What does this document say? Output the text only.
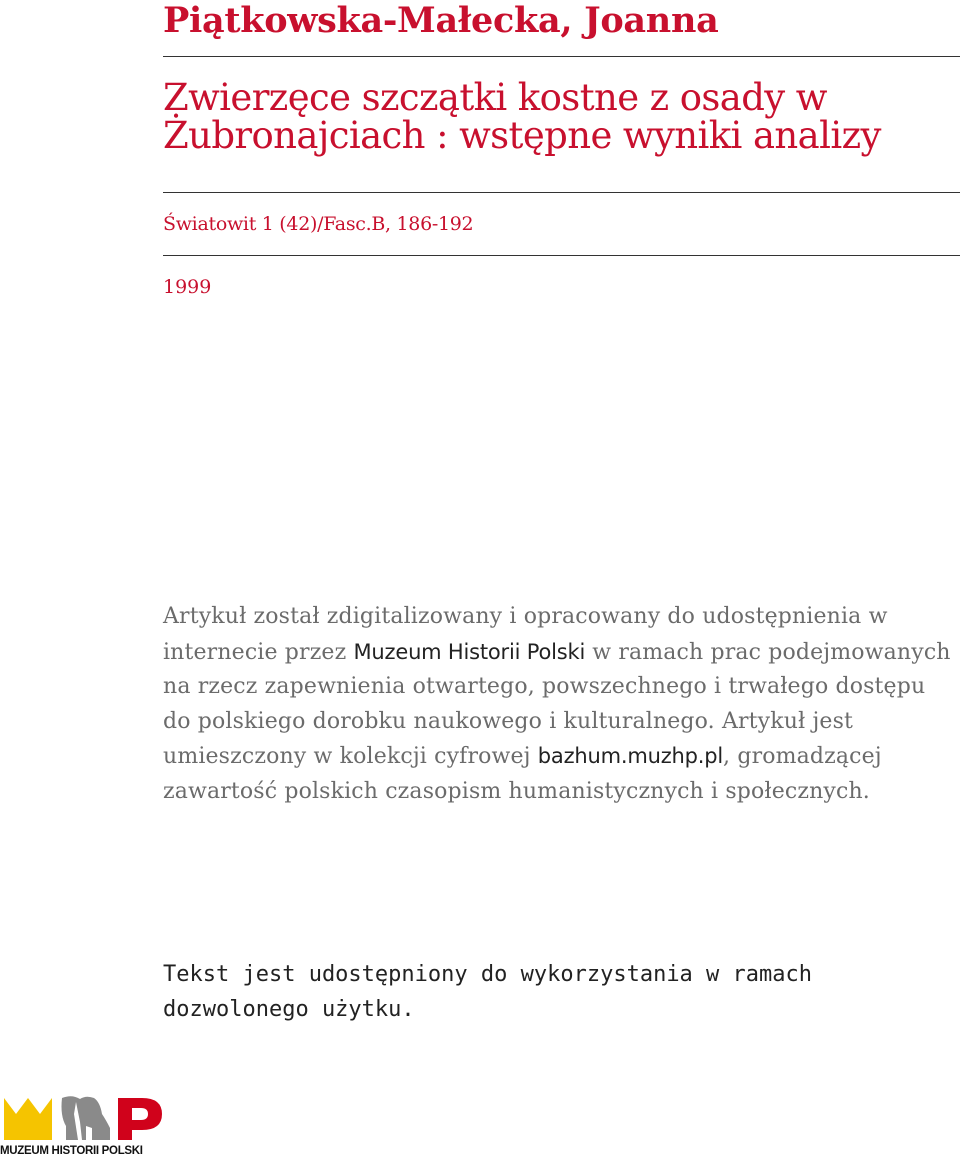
Piątkowska-Małecka, Joanna
Zwierzęce szczątki kostne z osady w Żubronajciach : wstępne wyniki analizy
Światowit 1 (42)/Fasc.B, 186-192
1999

Artykuł został zdigitalizowany i opracowany do udostępnienia w internecie przez Muzeum Historii Polski w ramach prac podejmowanych na rzecz zapewnienia otwartego, powszechnego i trwałego dostępu do polskiego dorobku naukowego i kulturalnego. Artykuł jest umieszczony w kolekcji cyfrowej bazhum.muzhp.pl, gromadzącej zawartość polskich czasopism humanistycznych i społecznych.

Tekst jest udostępniony do wykorzystania w ramach dozwolonego użytku.

MUZEUM HISTORII POLSKI
